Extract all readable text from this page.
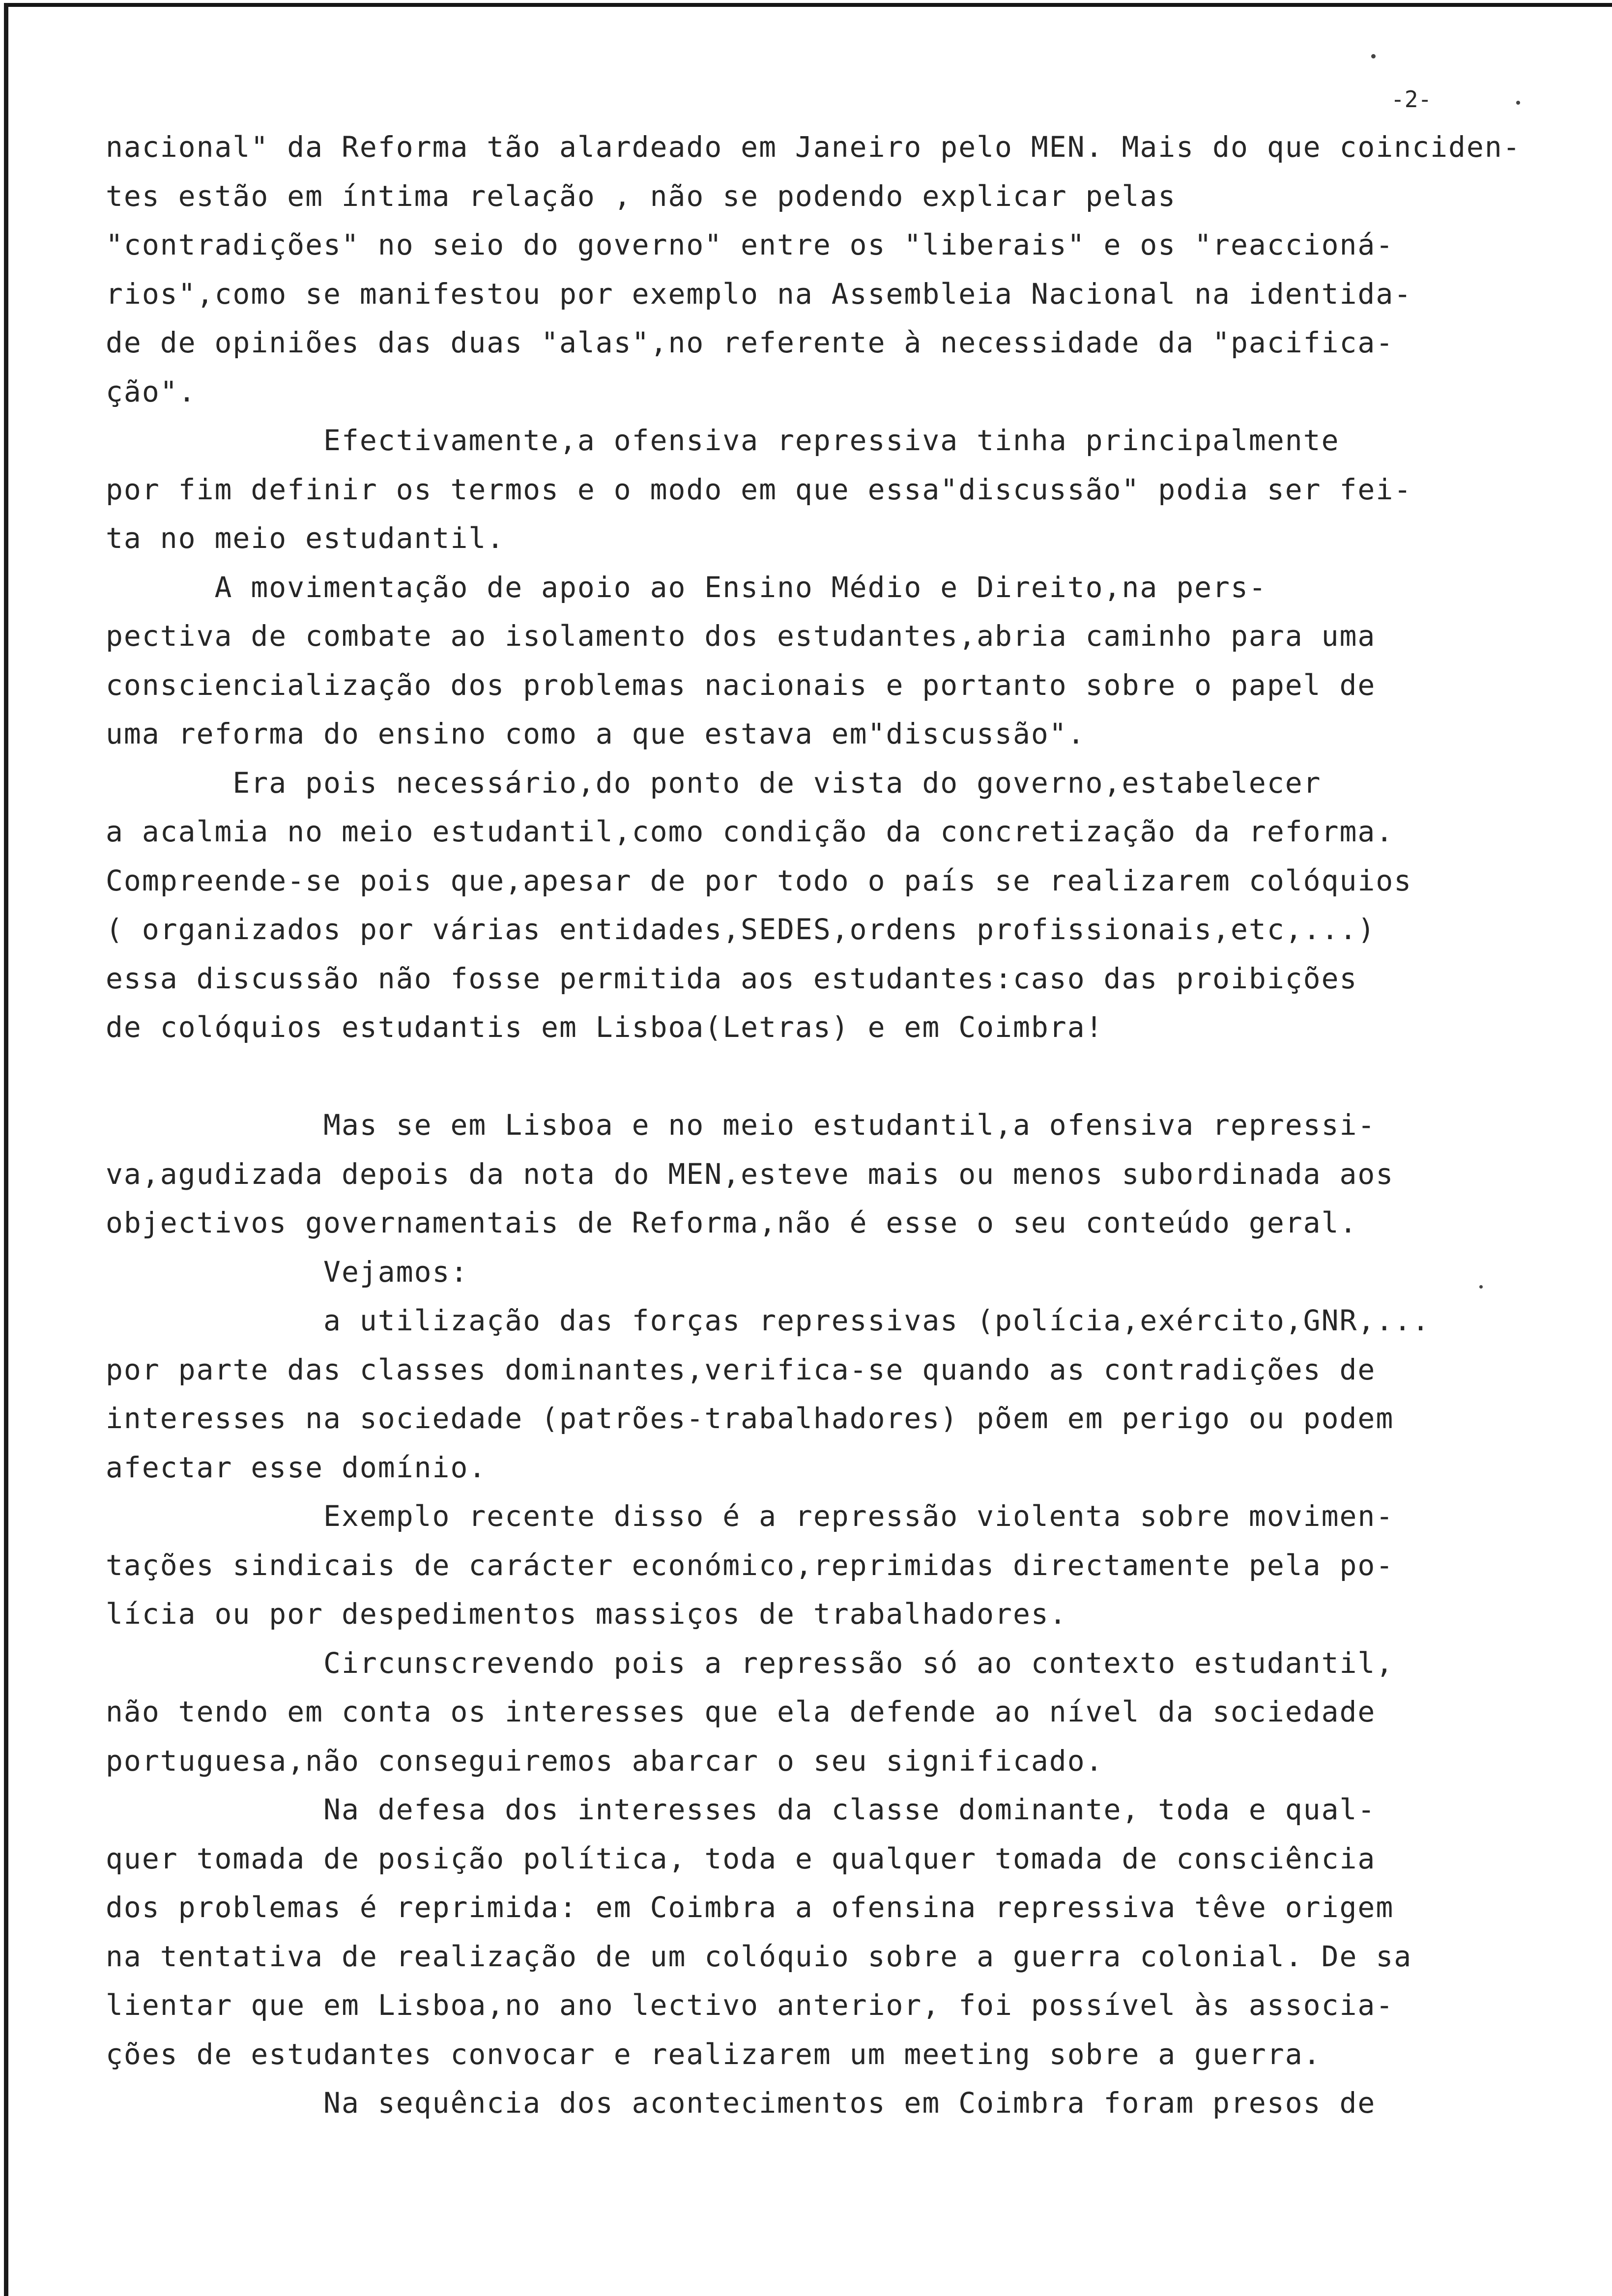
-2-
nacional" da Reforma tão alardeado em Janeiro pelo MEN. Mais do que coinciden-
tes estão em íntima relação , não se podendo explicar pelas
"contradições" no seio do governo" entre os "liberais" e os "reaccioná-
rios",como se manifestou por exemplo na Assembleia Nacional na identida-
de de opiniões das duas "alas",no referente à necessidade da "pacifica-
ção".
Efectivamente,a ofensiva repressiva tinha principalmente
por fim definir os termos e o modo em que essa"discussão" podia ser fei-
ta no meio estudantil.
A movimentação de apoio ao Ensino Médio e Direito,na pers-
pectiva de combate ao isolamento dos estudantes,abria caminho para uma
consciencialização dos problemas nacionais e portanto sobre o papel de
uma reforma do ensino como a que estava em"discussão".
Era pois necessário,do ponto de vista do governo,estabelecer
a acalmia no meio estudantil,como condição da concretização da reforma.
Compreende-se pois que,apesar de por todo o país se realizarem colóquios
( organizados por várias entidades,SEDES,ordens profissionais,etc,...)
essa discussão não fosse permitida aos estudantes:caso das proibições
de colóquios estudantis em Lisboa(Letras) e em Coimbra!
Mas se em Lisboa e no meio estudantil,a ofensiva repressi-
va,agudizada depois da nota do MEN,esteve mais ou menos subordinada aos
objectivos governamentais de Reforma,não é esse o seu conteúdo geral.
Vejamos:
a utilização das forças repressivas (polícia,exército,GNR,...
por parte das classes dominantes,verifica-se quando as contradições de
interesses na sociedade (patrões-trabalhadores) põem em perigo ou podem
afectar esse domínio.
Exemplo recente disso é a repressão violenta sobre movimen-
tações sindicais de carácter económico,reprimidas directamente pela po-
lícia ou por despedimentos massiços de trabalhadores.
Circunscrevendo pois a repressão só ao contexto estudantil,
não tendo em conta os interesses que ela defende ao nível da sociedade
portuguesa,não conseguiremos abarcar o seu significado.
Na defesa dos interesses da classe dominante, toda e qual-
quer tomada de posição política, toda e qualquer tomada de consciência
dos problemas é reprimida: em Coimbra a ofensina repressiva têve origem
na tentativa de realização de um colóquio sobre a guerra colonial. De sa
lientar que em Lisboa,no ano lectivo anterior, foi possível às associa-
ções de estudantes convocar e realizarem um meeting sobre a guerra.
Na sequência dos acontecimentos em Coimbra foram presos de
